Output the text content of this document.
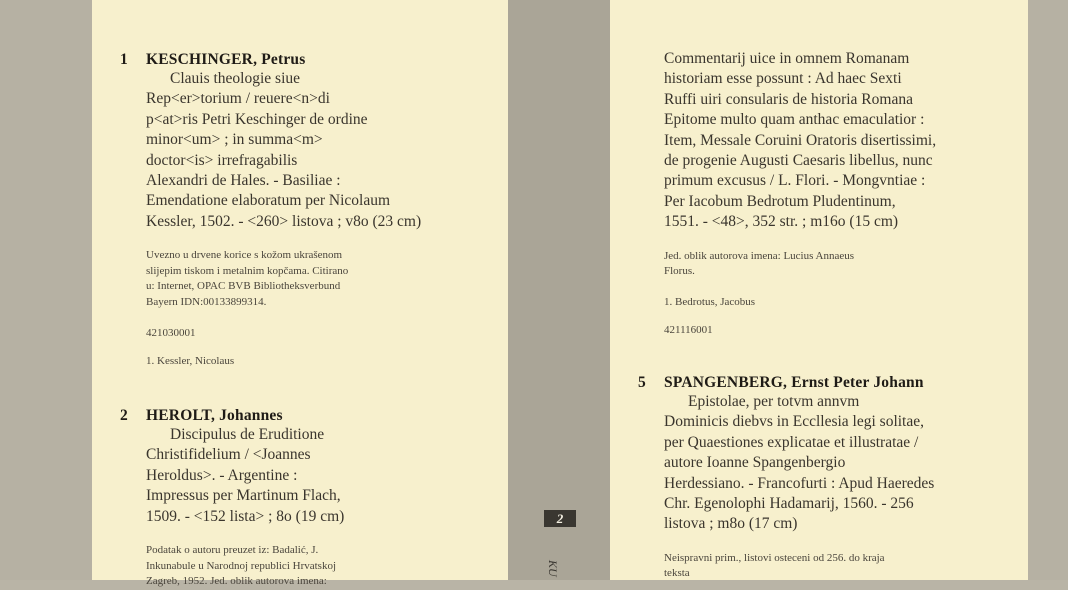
1	KESCHINGER, Petrus
Clauis theologie siue
Rep<er>torium / reuere<n>di
p<at>ris Petri Keschinger de ordine
minor<um> ; in summa<m>
doctor<is> irrefragabilis
Alexandri de Hales. - Basiliae :
Emendatione elaboratum per Nicolaum
Kessler, 1502. - <260> listova ; v8o (23 cm)
Uvezno u drvene korice s kožom ukrašenom
slijepim tiskom i metalnim kopčama. Citirano
u: Internet, OPAC BVB Bibliotheksverbund
Bayern IDN:00133899314.
421030001
1. Kessler, Nicolaus
2	HEROLT, Johannes
Discipulus de Eruditione
Christifidelium / <Joannes
Heroldus>. - Argentine :
Impressus per Martinum Flach,
1509. - <152 lista> ; 8o (19 cm)
Podatak o autoru preuzet iz: Badalić, J.
Inkunabule u Narodnoj republici Hrvatskoj
Zagreb, 1952. Jed. oblik autorova imena:
Commentarij uice in omnem Romanam
historiam esse possunt : Ad haec Sexti
Ruffi uiri consularis de historia Romana
Epitome multo quam anthac emaculatior :
Item, Messale Coruini Oratoris disertissimi,
de progenie Augusti Caesaris libellus, nunc
primum excusus / L. Flori. - Mongvntiae :
Per Iacobum Bedrotum Pludentinum,
1551. - <48>, 352 str. ; m16o (15 cm)
Jed. oblik autorova imena: Lucius Annaeus
Florus.
1. Bedrotus, Jacobus
421116001
5	SPANGENBERG, Ernst Peter Johann
Epistolae, per totvm annvm
Dominicis diebvs in Eccllesia legi solitae,
per Quaestiones explicatae et illustratae /
autore Ioanne Spangenbergio
Herdessiano. - Francofurti : Apud Haeredes
Chr. Egenolophi Hadamarij, 1560. - 256
listova ; m8o (17 cm)
Neispravni prim., listovi osteceni od 256. do kraja
teksta
2
KU
